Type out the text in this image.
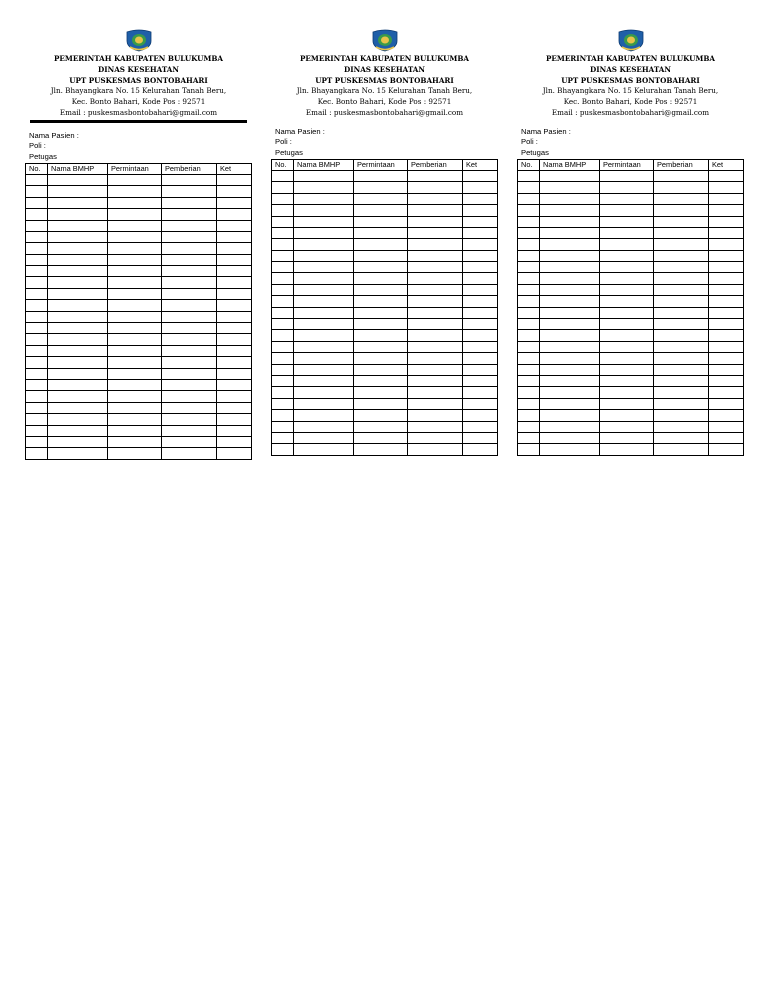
PEMERINTAH KABUPATEN BULUKUMBA
DINAS KESEHATAN
UPT PUSKESMAS BONTOBAHARI
Jln. Bhayangkara No. 15 Kelurahan Tanah Beru,
Kec. Bonto Bahari, Kode Pos : 92571
Email : puskesmasbontobahari@gmail.com
Nama Pasien :
Poli :
Petugas
No.	Nama BMHP	Permintaan	Pemberian	Ket

PEMERINTAH KABUPATEN BULUKUMBA
DINAS KESEHATAN
UPT PUSKESMAS BONTOBAHARI
Jln. Bhayangkara No. 15 Kelurahan Tanah Beru,
Kec. Bonto Bahari, Kode Pos : 92571
Email : puskesmasbontobahari@gmail.com
Nama Pasien :
Poli :
Petugas
No.	Nama BMHP	Permintaan	Pemberian	Ket

PEMERINTAH KABUPATEN BULUKUMBA
DINAS KESEHATAN
UPT PUSKESMAS BONTOBAHARI
Jln. Bhayangkara No. 15 Kelurahan Tanah Beru,
Kec. Bonto Bahari, Kode Pos : 92571
Email : puskesmasbontobahari@gmail.com
Nama Pasien :
Poli :
Petugas
No.	Nama BMHP	Permintaan	Pemberian	Ket
